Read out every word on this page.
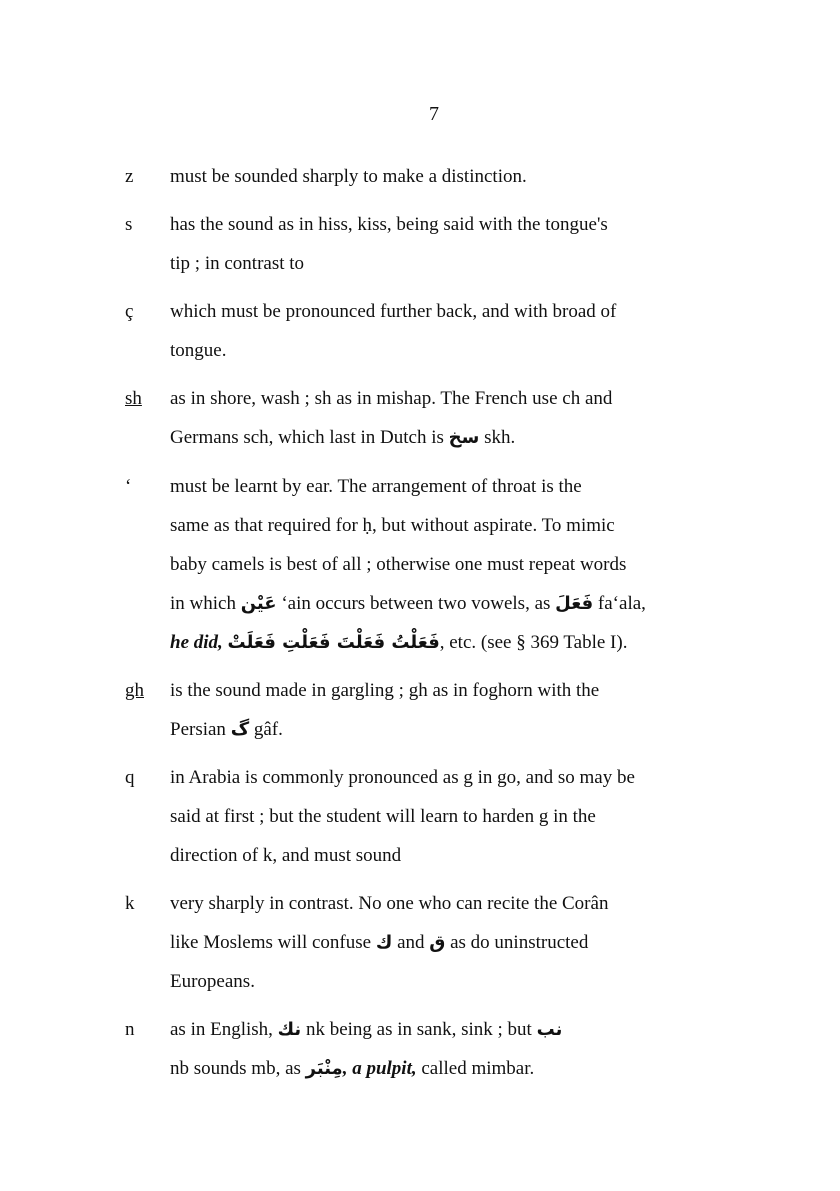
7
z	must be sounded sharply to make a distinction.
s	has the sound as in hiss, kiss, being said with the tongue's
tip ; in contrast to
ç	which must be pronounced further back, and with broad of
tongue.
sh	as in shore, wash ; sh as in mishap. The French use ch and
Germans sch, which last in Dutch is سخ skh.
ʻ	must be learnt by ear. The arrangement of throat is the
same as that required for ḥ, but without aspirate. To mimic
baby camels is best of all ; otherwise one must repeat words
in which عَيْن ʻain occurs between two vowels, as فَعَلَ faʻala,
he did, فَعَلْتُ فَعَلْتَ فَعَلْتِ فَعَلَتْ, etc. (see § 369 Table I).
gh	is the sound made in gargling ; gh as in foghorn with the
Persian گ gâf.
q	in Arabia is commonly pronounced as g in go, and so may be
said at first ; but the student will learn to harden g in the
direction of k, and must sound
k	very sharply in contrast. No one who can recite the Corân
like Moslems will confuse ك and ق as do uninstructed
Europeans.
n	as in English, نك nk being as in sank, sink ; but نب
nb sounds mb, as مِنْبَر, a pulpit, called mimbar.
